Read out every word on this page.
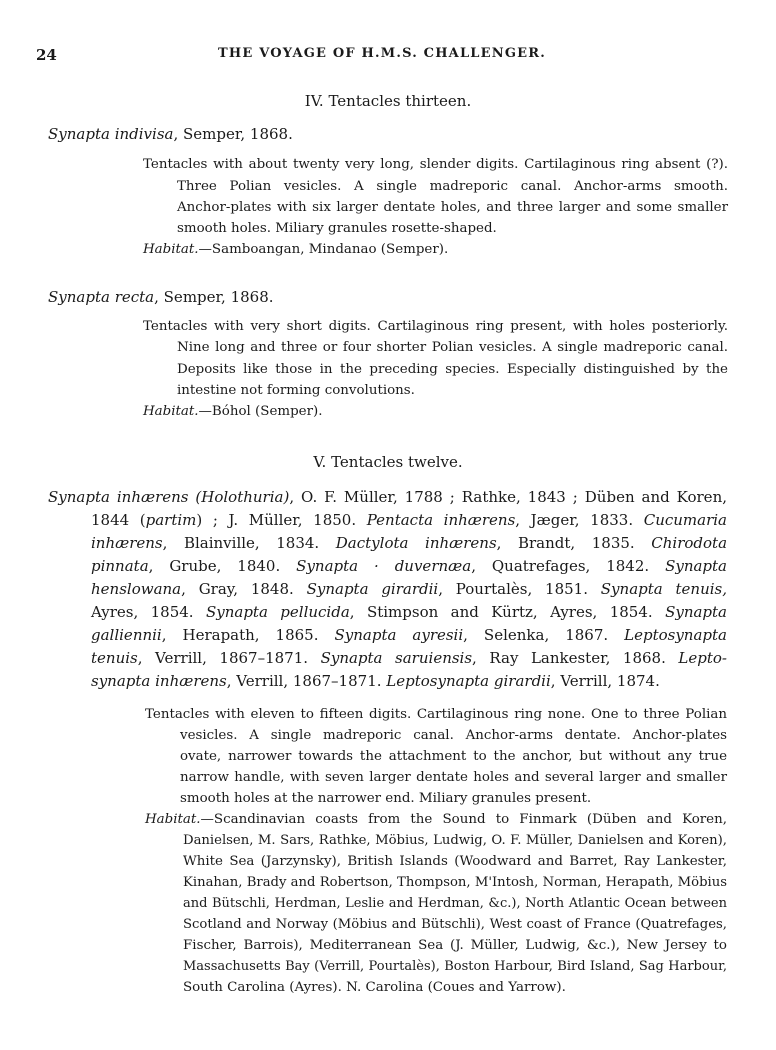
24	THE VOYAGE OF H.M.S. CHALLENGER.
IV. Tentacles thirteen.
Synapta indivisa, Semper, 1868.
Tentacles with about twenty very long, slender digits. Cartilaginous ring absent (?).
Three Polian vesicles. A single madreporic canal. Anchor-arms smooth.
Anchor-plates with six larger dentate holes, and three larger and some smaller
smooth holes. Miliary granules rosette-shaped.
Habitat.—Samboangan, Mindanao (Semper).
Synapta recta, Semper, 1868.
Tentacles with very short digits. Cartilaginous ring present, with holes posteriorly.
Nine long and three or four shorter Polian vesicles. A single madreporic canal.
Deposits like those in the preceding species. Especially distinguished by the
intestine not forming convolutions.
Habitat.—Bóhol (Semper).
V. Tentacles twelve.
Synapta inhærens (Holothuria), O. F. Müller, 1788 ; Rathke, 1843 ; Düben and Koren,
1844 (partim) ; J. Müller, 1850. Pentacta inhærens, Jæger, 1833. Cucumaria
inhærens, Blainville, 1834. Dactylota inhærens, Brandt, 1835. Chirodota
pinnata, Grube, 1840. Synapta · duvernæa, Quatrefages, 1842. Synapta
henslowana, Gray, 1848. Synapta girardii, Pourtalès, 1851. Synapta tenuis,
Ayres, 1854. Synapta pellucida, Stimpson and Kürtz, Ayres, 1854. Synapta
galliennii, Herapath, 1865. Synapta ayresii, Selenka, 1867. Leptosynapta
tenuis, Verrill, 1867–1871. Synapta saruiensis, Ray Lankester, 1868. Lepto-
synapta inhærens, Verrill, 1867–1871. Leptosynapta girardii, Verrill, 1874.
Tentacles with eleven to fifteen digits. Cartilaginous ring none. One to three Polian
vesicles. A single madreporic canal. Anchor-arms dentate. Anchor-plates
ovate, narrower towards the attachment to the anchor, but without any true
narrow handle, with seven larger dentate holes and several larger and smaller
smooth holes at the narrower end. Miliary granules present.
Habitat.—Scandinavian coasts from the Sound to Finmark (Düben and Koren,
Danielsen, M. Sars, Rathke, Möbius, Ludwig, O. F. Müller, Danielsen and Koren),
White Sea (Jarzynsky), British Islands (Woodward and Barret, Ray Lankester,
Kinahan, Brady and Robertson, Thompson, M'Intosh, Norman, Herapath, Möbius
and Bütschli, Herdman, Leslie and Herdman, &c.), North Atlantic Ocean between
Scotland and Norway (Möbius and Bütschli), West coast of France (Quatrefages,
Fischer, Barrois), Mediterranean Sea (J. Müller, Ludwig, &c.), New Jersey to
Massachusetts Bay (Verrill, Pourtalès), Boston Harbour, Bird Island, Sag Harbour,
South Carolina (Ayres). N. Carolina (Coues and Yarrow).
